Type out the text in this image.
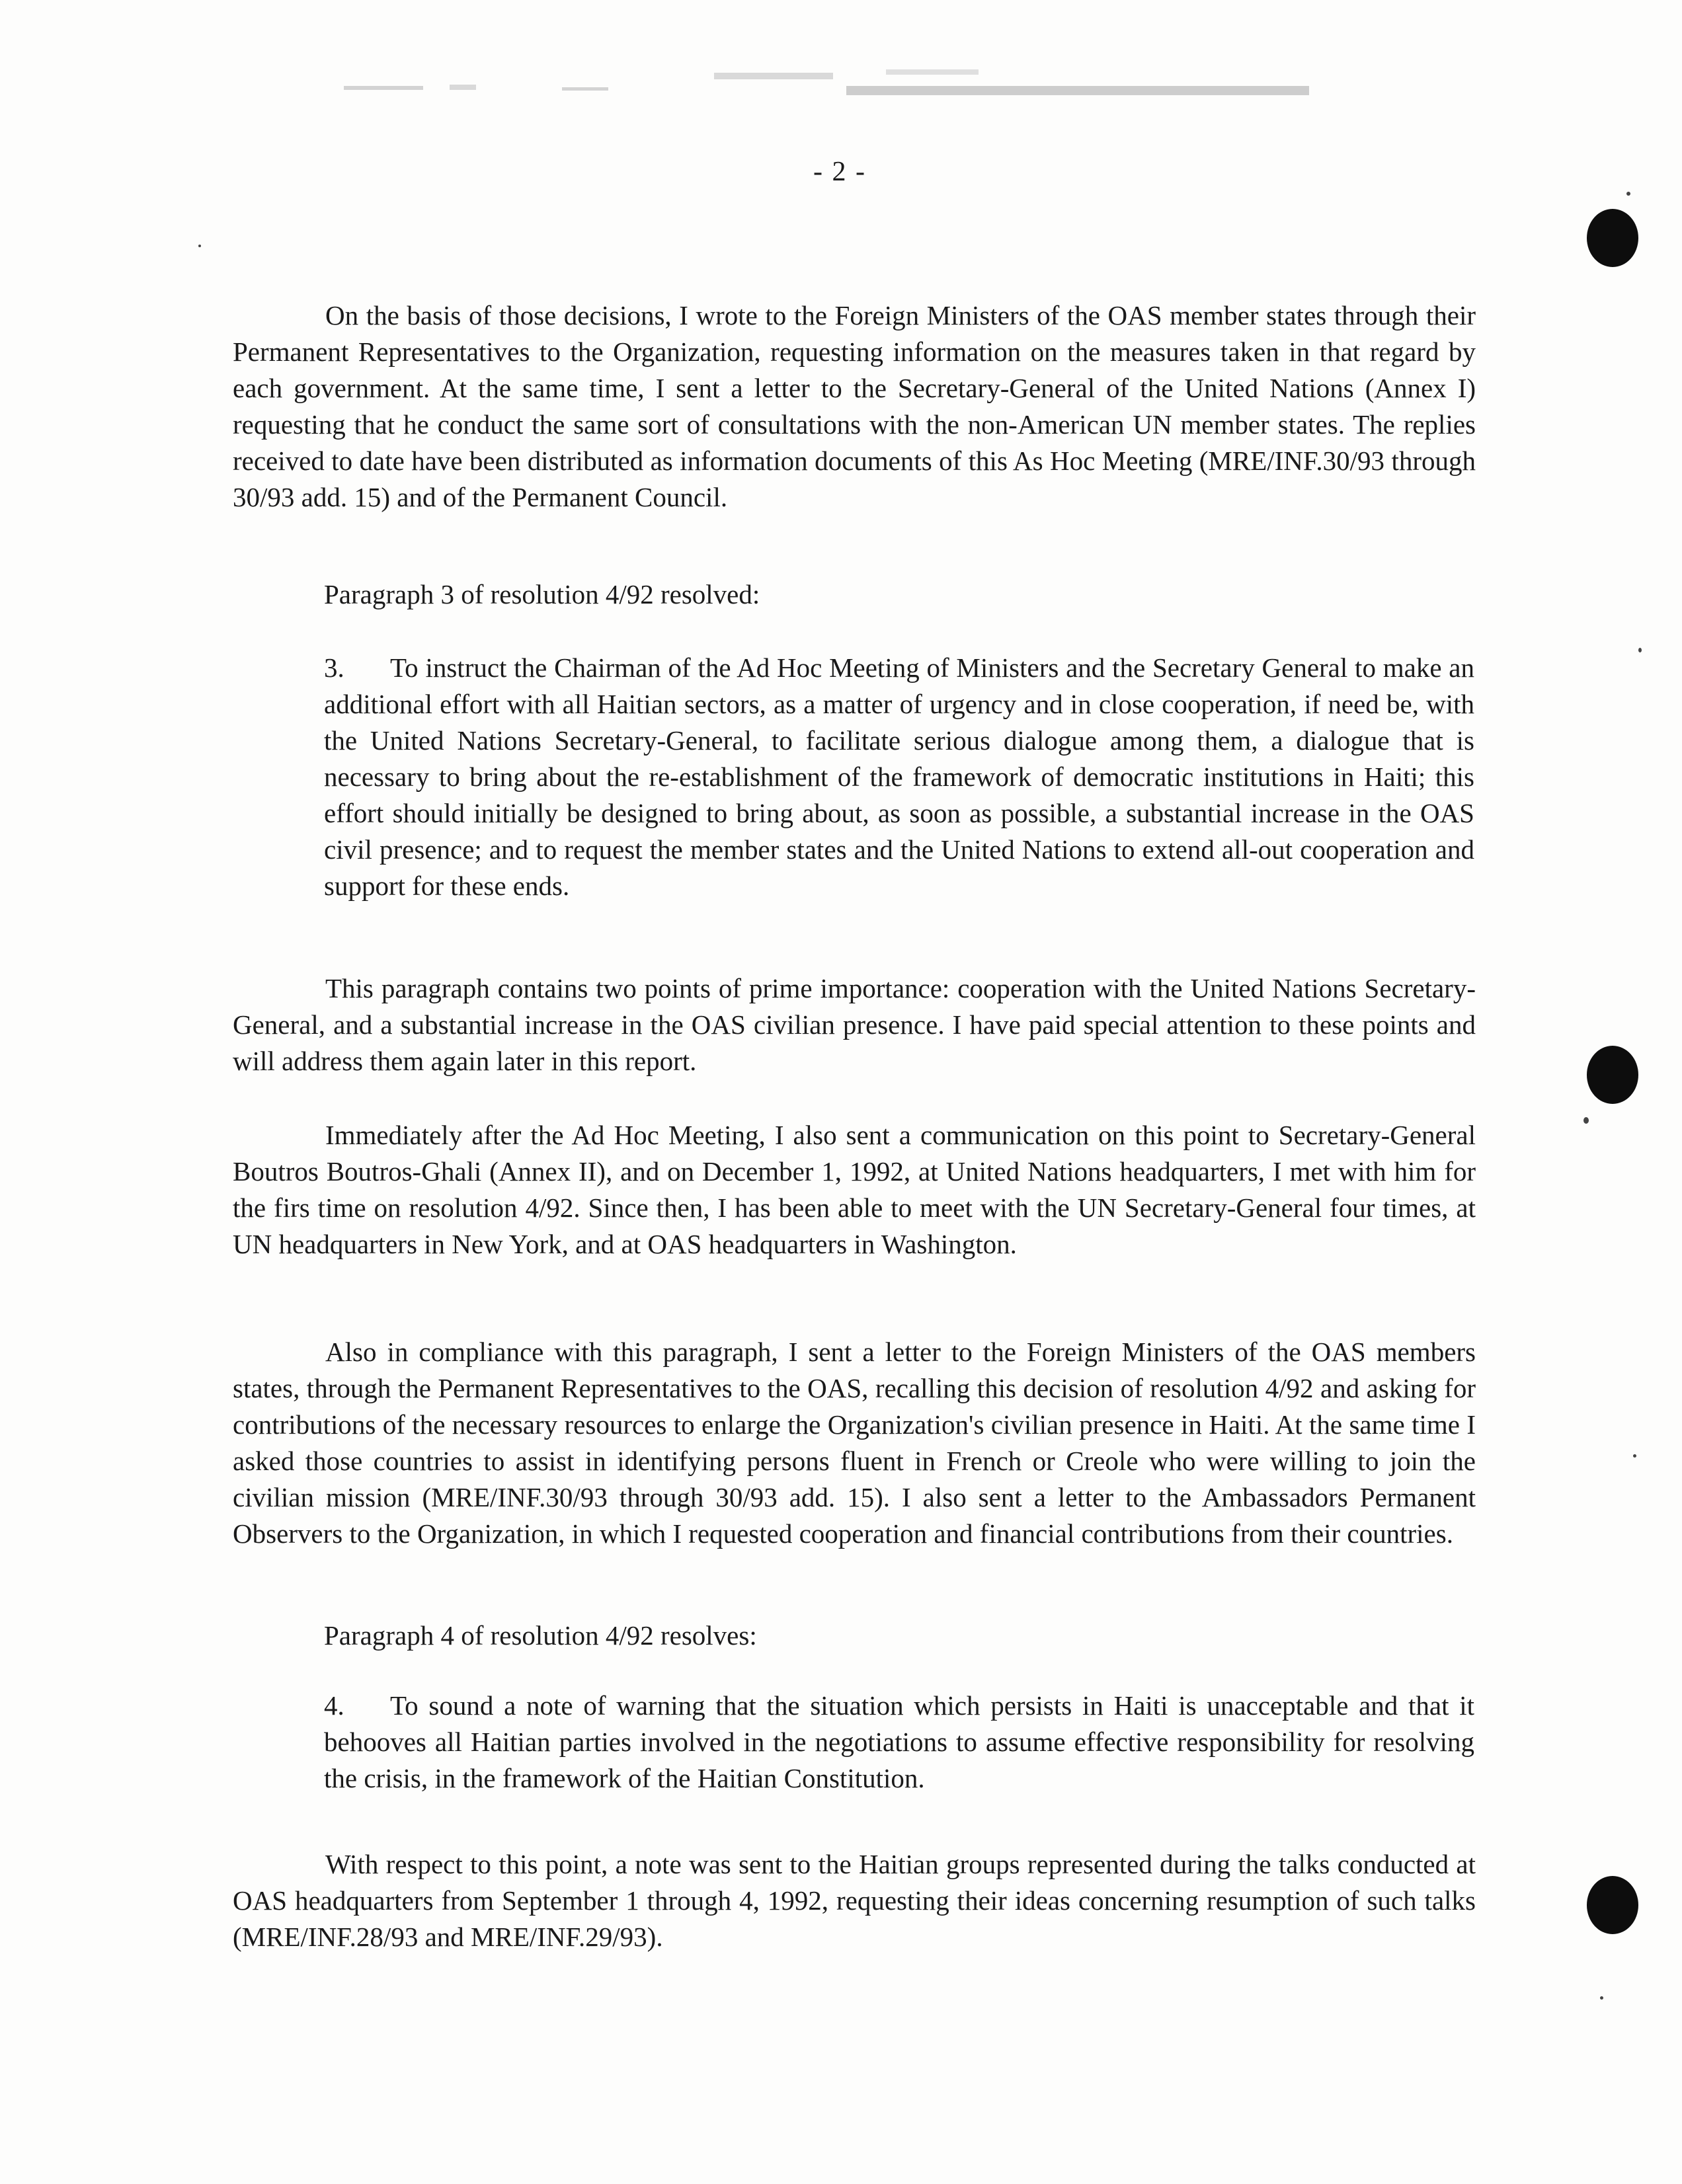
- 2 -

On the basis of those decisions, I wrote to the Foreign Ministers of the OAS member states through their Permanent Representatives to the Organization, requesting information on the measures taken in that regard by each government. At the same time, I sent a letter to the Secretary-General of the United Nations (Annex I) requesting that he conduct the same sort of consultations with the non-American UN member states. The replies received to date have been distributed as information documents of this As Hoc Meeting (MRE/INF.30/93 through 30/93 add. 15) and of the Permanent Council.

Paragraph 3 of resolution 4/92 resolved:

3. To instruct the Chairman of the Ad Hoc Meeting of Ministers and the Secretary General to make an additional effort with all Haitian sectors, as a matter of urgency and in close cooperation, if need be, with the United Nations Secretary-General, to facilitate serious dialogue among them, a dialogue that is necessary to bring about the re-establishment of the framework of democratic institutions in Haiti; this effort should initially be designed to bring about, as soon as possible, a substantial increase in the OAS civil presence; and to request the member states and the United Nations to extend all-out cooperation and support for these ends.

This paragraph contains two points of prime importance: cooperation with the United Nations Secretary-General, and a substantial increase in the OAS civilian presence. I have paid special attention to these points and will address them again later in this report.

Immediately after the Ad Hoc Meeting, I also sent a communication on this point to Secretary-General Boutros Boutros-Ghali (Annex II), and on December 1, 1992, at United Nations headquarters, I met with him for the firs time on resolution 4/92. Since then, I has been able to meet with the UN Secretary-General four times, at UN headquarters in New York, and at OAS headquarters in Washington.

Also in compliance with this paragraph, I sent a letter to the Foreign Ministers of the OAS members states, through the Permanent Representatives to the OAS, recalling this decision of resolution 4/92 and asking for contributions of the necessary resources to enlarge the Organization's civilian presence in Haiti. At the same time I asked those countries to assist in identifying persons fluent in French or Creole who were willing to join the civilian mission (MRE/INF.30/93 through 30/93 add. 15). I also sent a letter to the Ambassadors Permanent Observers to the Organization, in which I requested cooperation and financial contributions from their countries.

Paragraph 4 of resolution 4/92 resolves:

4. To sound a note of warning that the situation which persists in Haiti is unacceptable and that it behooves all Haitian parties involved in the negotiations to assume effective responsibility for resolving the crisis, in the framework of the Haitian Constitution.

With respect to this point, a note was sent to the Haitian groups represented during the talks conducted at OAS headquarters from September 1 through 4, 1992, requesting their ideas concerning resumption of such talks (MRE/INF.28/93 and MRE/INF.29/93).
